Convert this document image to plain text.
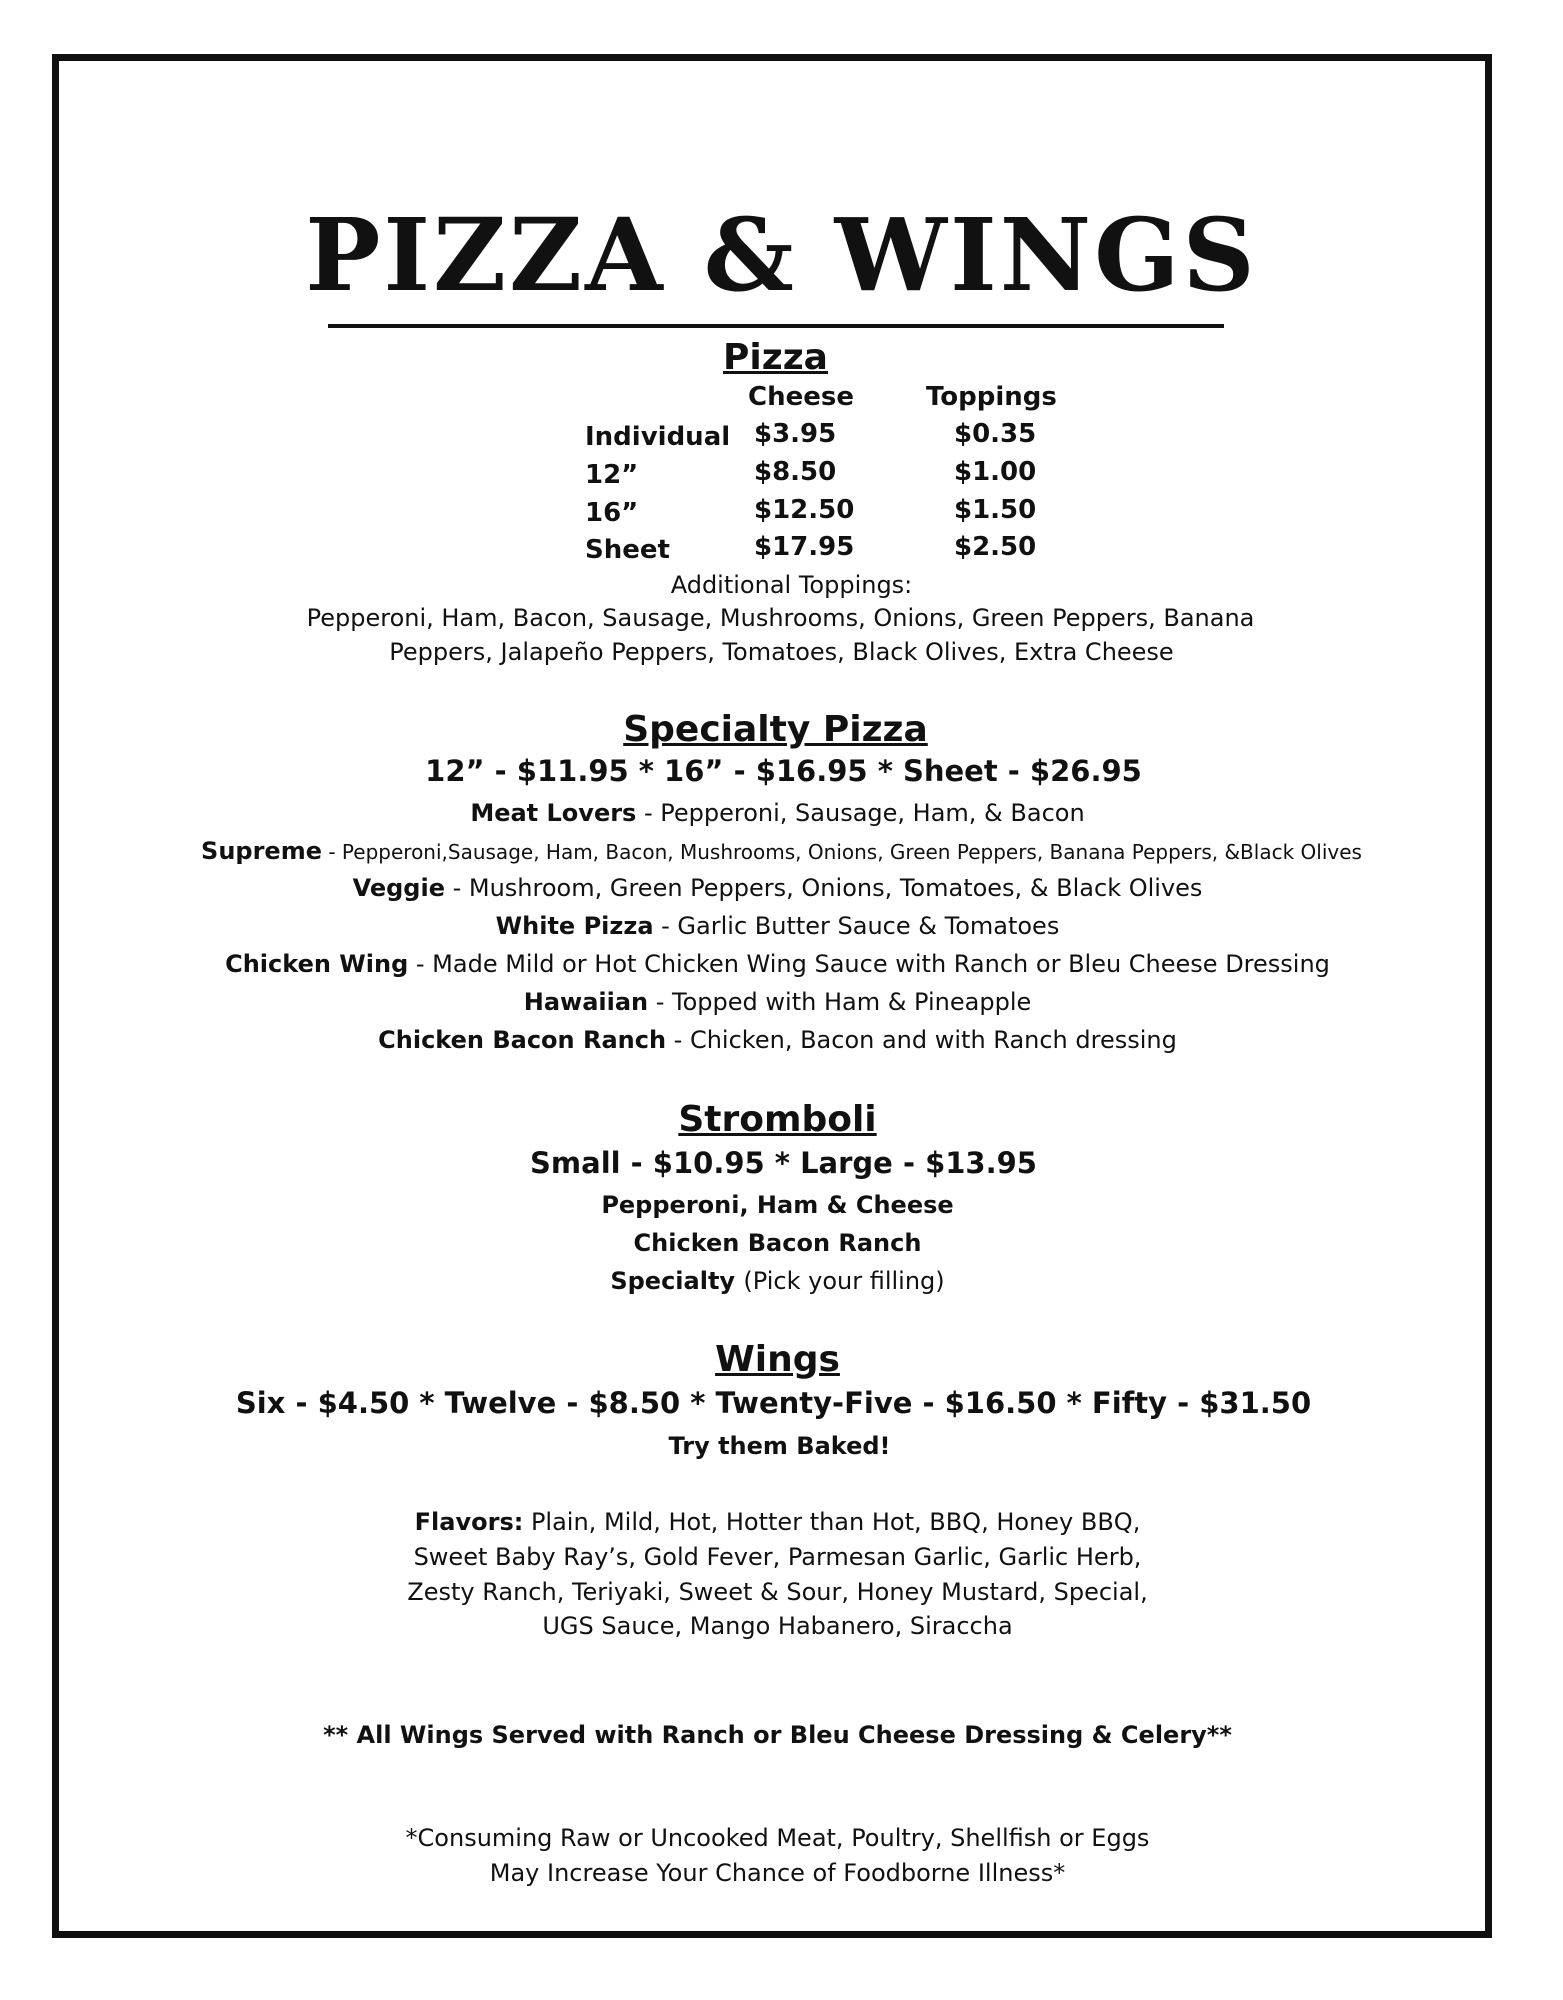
PIZZA & WINGS
Pizza
Cheese	Toppings
Individual $3.95	$0.35
12”	$8.50	$1.00
16”	$12.50	$1.50
Sheet	$17.95	$2.50
Additional Toppings:
Pepperoni, Ham, Bacon, Sausage, Mushrooms, Onions, Green Peppers, Banana
Peppers, Jalapeño Peppers, Tomatoes, Black Olives, Extra Cheese
Specialty Pizza
12” - $11.95 * 16” - $16.95 * Sheet - $26.95
Meat Lovers - Pepperoni, Sausage, Ham, & Bacon
Supreme - Pepperoni,Sausage, Ham, Bacon, Mushrooms, Onions, Green Peppers, Banana Peppers, &Black Olives
Veggie - Mushroom, Green Peppers, Onions, Tomatoes, & Black Olives
White Pizza - Garlic Butter Sauce & Tomatoes
Chicken Wing - Made Mild or Hot Chicken Wing Sauce with Ranch or Bleu Cheese Dressing
Hawaiian - Topped with Ham & Pineapple
Chicken Bacon Ranch - Chicken, Bacon and with Ranch dressing
Stromboli
Small - $10.95 * Large - $13.95
Pepperoni, Ham & Cheese
Chicken Bacon Ranch
Specialty (Pick your filling)
Wings
Six - $4.50 * Twelve - $8.50 * Twenty-Five - $16.50 * Fifty - $31.50
Try them Baked!
Flavors: Plain, Mild, Hot, Hotter than Hot, BBQ, Honey BBQ,
Sweet Baby Ray’s, Gold Fever, Parmesan Garlic, Garlic Herb,
Zesty Ranch, Teriyaki, Sweet & Sour, Honey Mustard, Special,
UGS Sauce, Mango Habanero, Siraccha
** All Wings Served with Ranch or Bleu Cheese Dressing & Celery**
*Consuming Raw or Uncooked Meat, Poultry, Shellfish or Eggs
May Increase Your Chance of Foodborne Illness*
